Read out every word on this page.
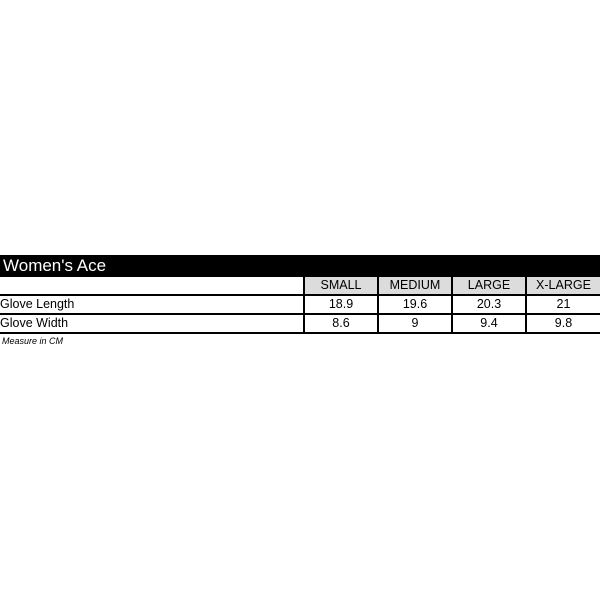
Women's Ace
	SMALL	MEDIUM	LARGE	X-LARGE
Glove Length	18.9	19.6	20.3	21
Glove Width	8.6	9	9.4	9.8
Measure in CM
